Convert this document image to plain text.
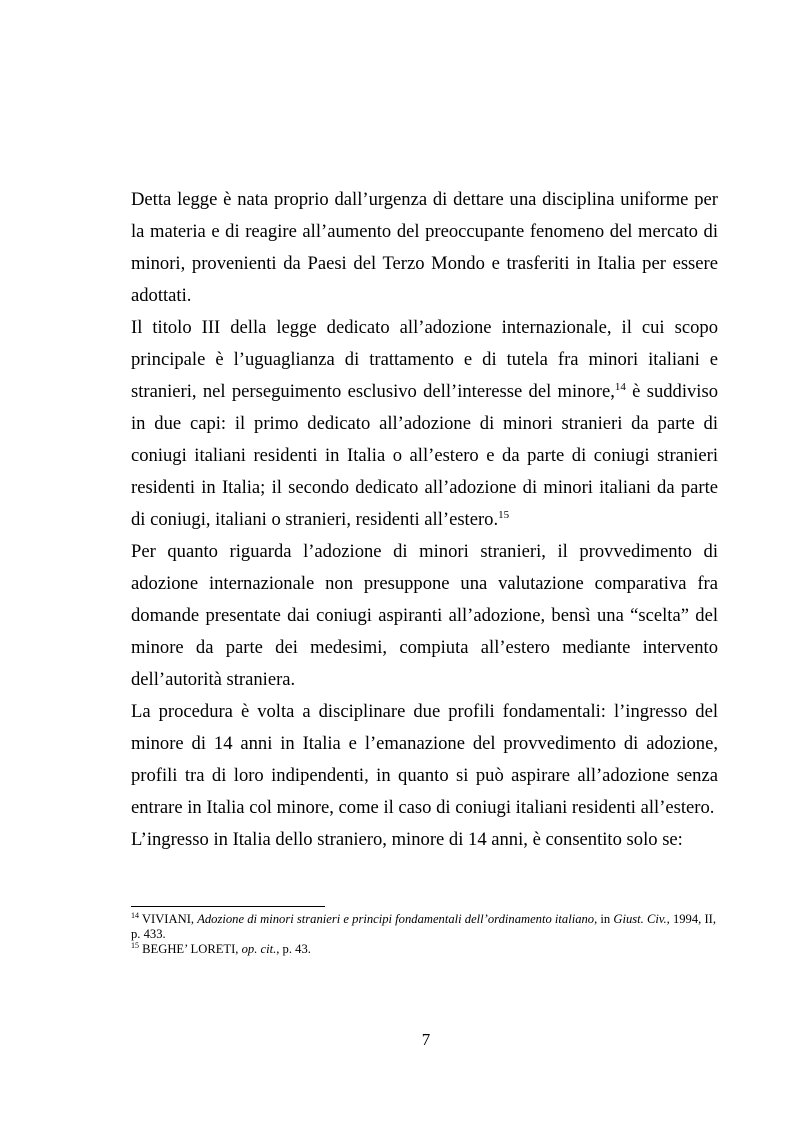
Detta legge è nata proprio dall’urgenza di dettare una disciplina uniforme per la materia e di reagire all’aumento del preoccupante fenomeno del mercato di minori, provenienti da Paesi del Terzo Mondo e trasferiti in Italia per essere adottati.

Il titolo III della legge dedicato all’adozione internazionale, il cui scopo principale è l’uguaglianza di trattamento e di tutela fra minori italiani e stranieri, nel perseguimento esclusivo dell’interesse del minore,$^{14}$ è suddiviso in due capi: il primo dedicato all’adozione di minori stranieri da parte di coniugi italiani residenti in Italia o all’estero e da parte di coniugi stranieri residenti in Italia; il secondo dedicato all’adozione di minori italiani da parte di coniugi, italiani o stranieri, residenti all’estero.$^{15}$

Per quanto riguarda l’adozione di minori stranieri, il provvedimento di adozione internazionale non presuppone una valutazione comparativa fra domande presentate dai coniugi aspiranti all’adozione, bensì una “scelta” del minore da parte dei medesimi, compiuta all’estero mediante intervento dell’autorità straniera.

La procedura è volta a disciplinare due profili fondamentali: l’ingresso del minore di 14 anni in Italia e l’emanazione del provvedimento di adozione, profili tra di loro indipendenti, in quanto si può aspirare all’adozione senza entrare in Italia col minore, come il caso di coniugi italiani residenti all’estero.

L’ingresso in Italia dello straniero, minore di 14 anni, è consentito solo se:

$^{14}$ VIVIANI, Adozione di minori stranieri e principi fondamentali dell’ordinamento italiano, in Giust. Civ., 1994, II, p. 433.

$^{15}$ BEGHE’ LORETI, op. cit., p. 43.

7
